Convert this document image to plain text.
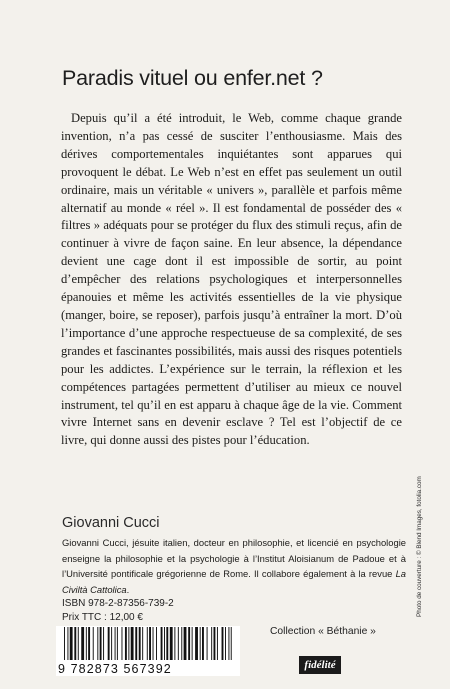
Paradis vituel ou enfer.net ?

Depuis qu’il a été introduit, le Web, comme chaque grande invention, n’a pas cessé de susciter l’enthousiasme. Mais des dérives comportementales inquiétantes sont apparues qui provoquent le débat. Le Web n’est en effet pas seulement un outil ordinaire, mais un véritable « univers », parallèle et parfois même alternatif au monde « réel ». Il est fondamental de posséder des « filtres » adéquats pour se protéger du flux des stimuli reçus, afin de continuer à vivre de façon saine. En leur absence, la dépendance devient une cage dont il est impossible de sortir, au point d’empêcher des relations psychologiques et interpersonnelles épanouies et même les activités essentielles de la vie physique (manger, boire, se reposer), parfois jusqu’à entraîner la mort. D’où l’importance d’une approche respectueuse de sa complexité, de ses grandes et fascinantes possibilités, mais aussi des risques potentiels pour les addictes. L’expérience sur le terrain, la réflexion et les compétences partagées permettent d’utiliser au mieux ce nouvel instrument, tel qu’il en est apparu à chaque âge de la vie. Comment vivre Internet sans en devenir esclave ? Tel est l’objectif de ce livre, qui donne aussi des pistes pour l’éducation.

Giovanni Cucci

Giovanni Cucci, jésuite italien, docteur en philosophie, et licencié en psychologie enseigne la philosophie et la psychologie à l’Institut Aloisianum de Padoue et à l’Université pontificale grégorienne de Rome. Il collabore également à la revue La Civiltà Cattolica.	Photo de couverture : © Blend Images, fotolia.com
ISBN 978-2-87356-739-2
Prix TTC : 12,00 €
9 782873 567392
Collection « Béthanie »
fidélité
